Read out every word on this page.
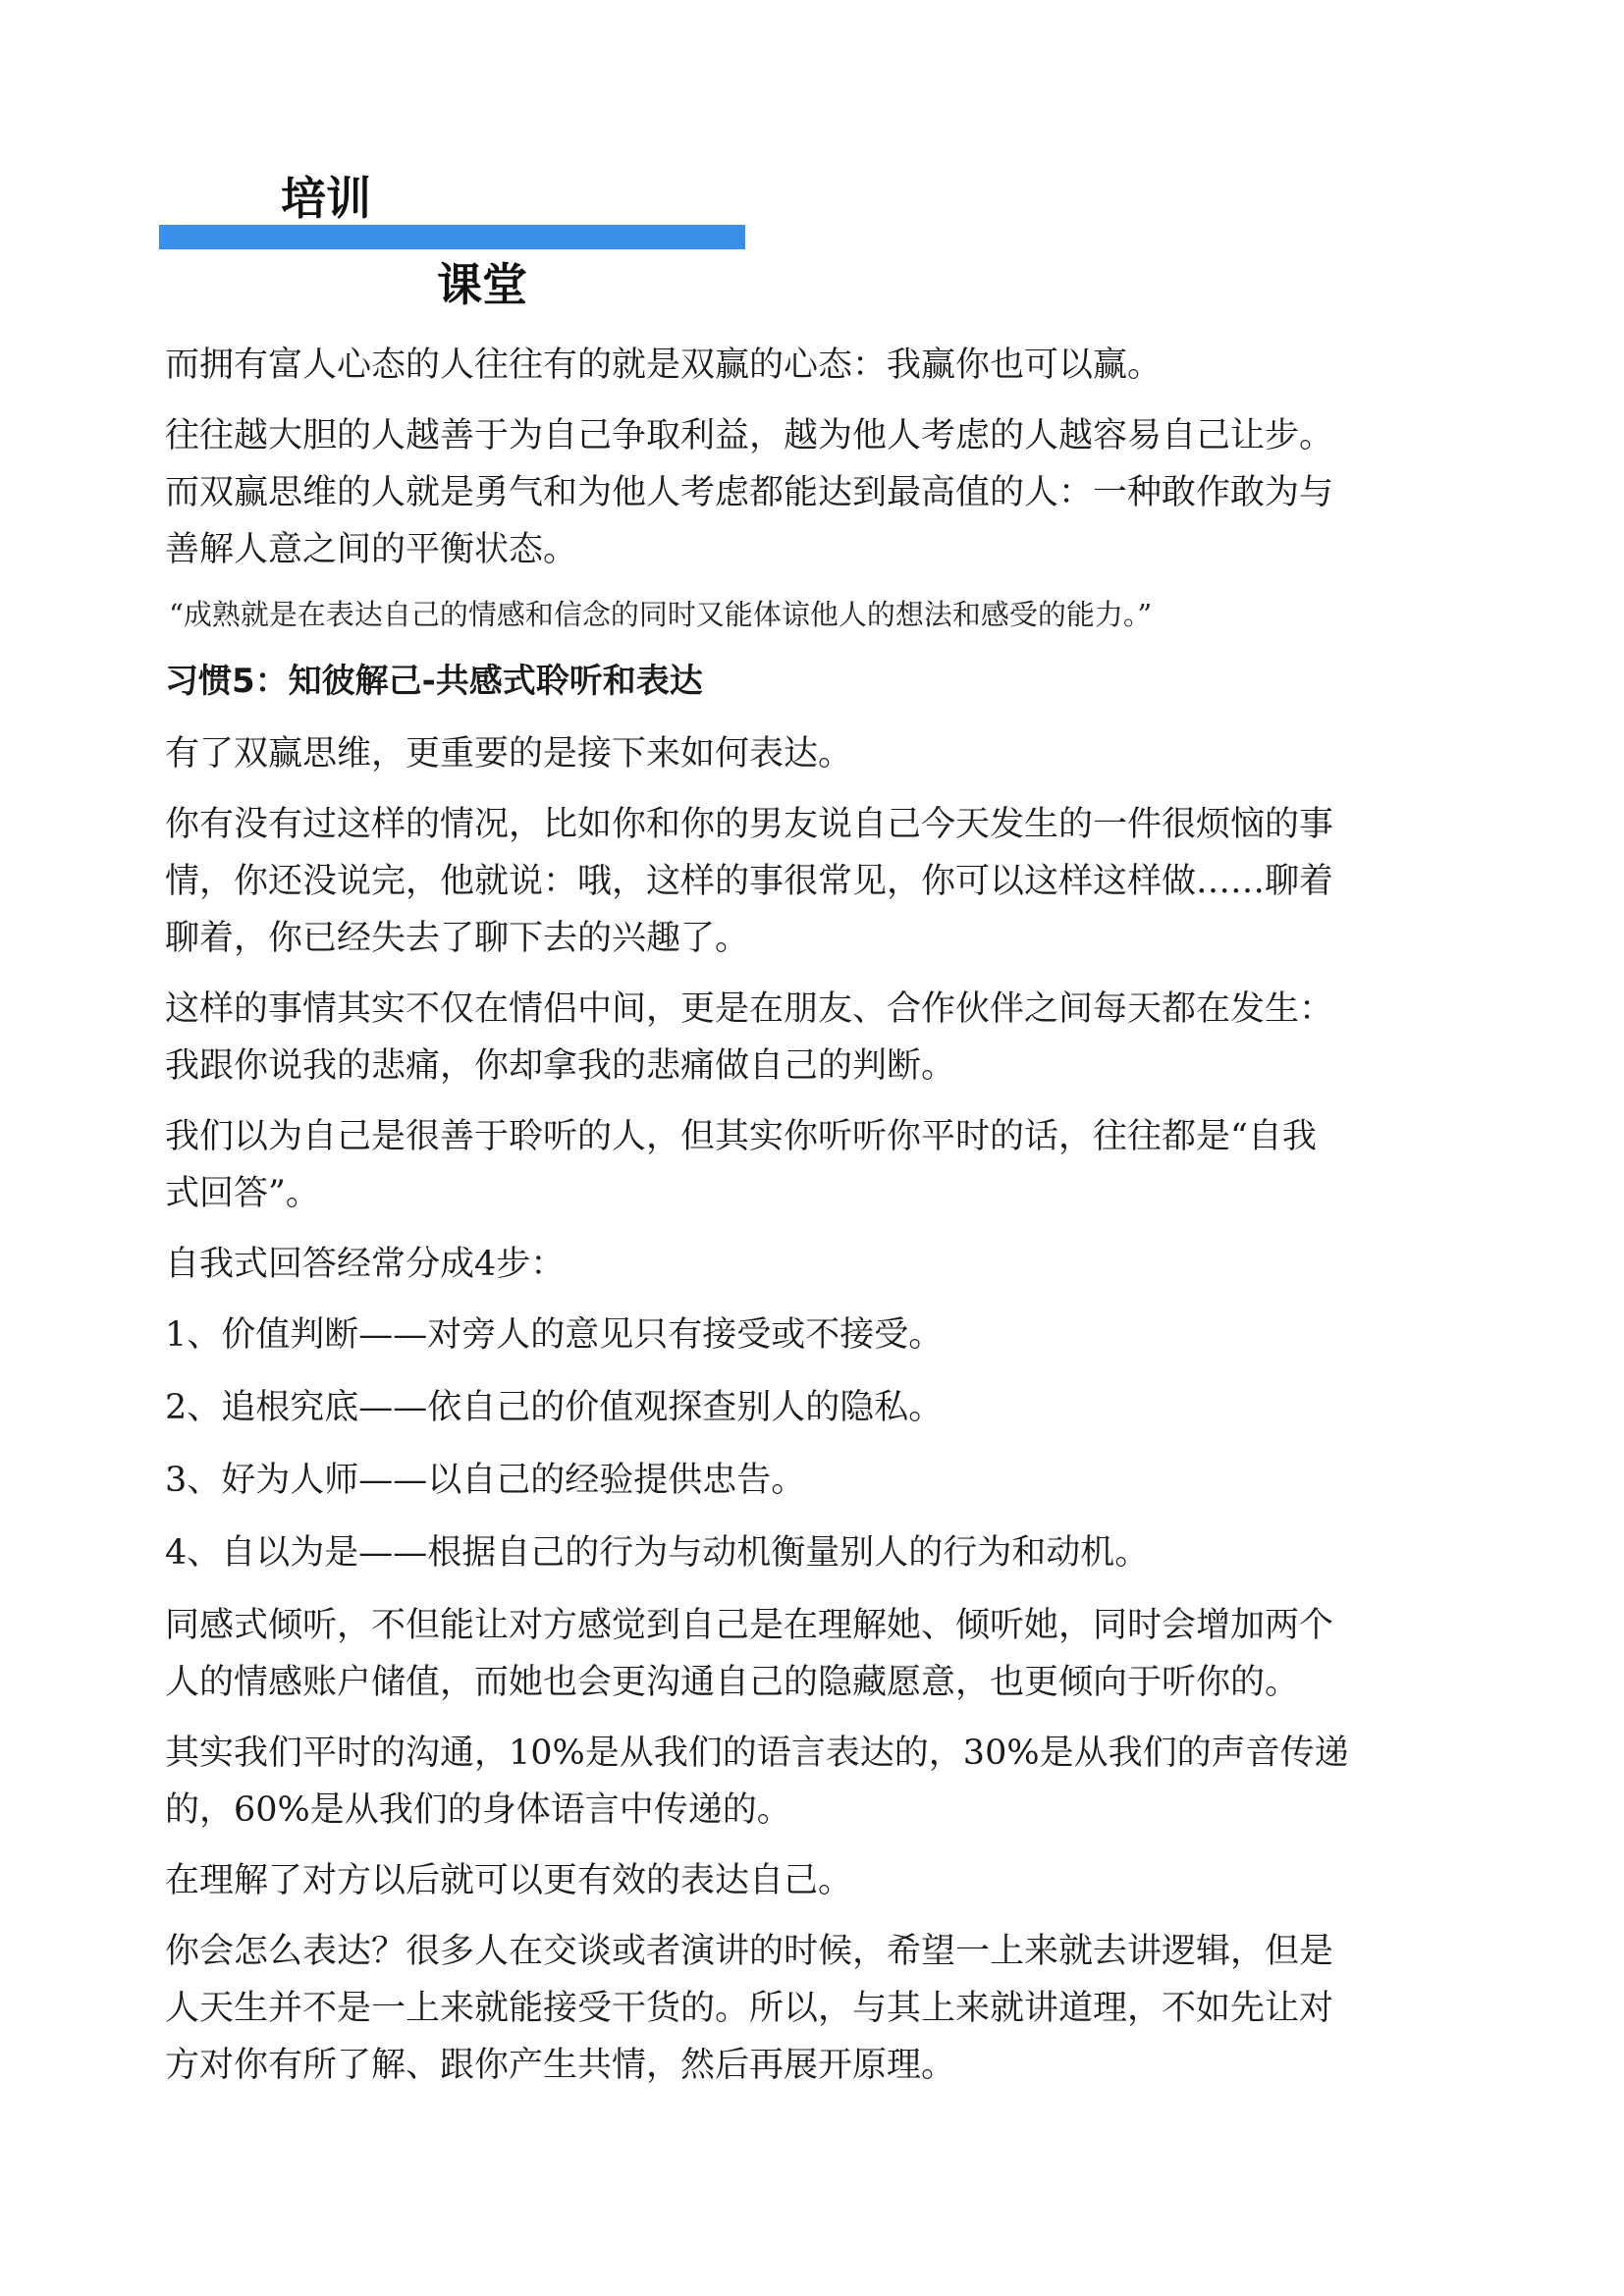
培训
课堂
而拥有富人心态的人往往有的就是双赢的心态：我赢你也可以赢。
往往越大胆的人越善于为自己争取利益，越为他人考虑的人越容易自己让步。
而双赢思维的人就是勇气和为他人考虑都能达到最高值的人：一种敢作敢为与
善解人意之间的平衡状态。
“成熟就是在表达自己的情感和信念的同时又能体谅他人的想法和感受的能力。”
习惯5：知彼解己-共感式聆听和表达
有了双赢思维，更重要的是接下来如何表达。
你有没有过这样的情况，比如你和你的男友说自己今天发生的一件很烦恼的事
情，你还没说完，他就说：哦，这样的事很常见，你可以这样这样做……聊着
聊着，你已经失去了聊下去的兴趣了。
这样的事情其实不仅在情侣中间，更是在朋友、合作伙伴之间每天都在发生：
我跟你说我的悲痛，你却拿我的悲痛做自己的判断。
我们以为自己是很善于聆听的人，但其实你听听你平时的话，往往都是“自我
式回答”。
自我式回答经常分成4步：
1、价值判断——对旁人的意见只有接受或不接受。
2、追根究底——依自己的价值观探查别人的隐私。
3、好为人师——以自己的经验提供忠告。
4、自以为是——根据自己的行为与动机衡量别人的行为和动机。
同感式倾听，不但能让对方感觉到自己是在理解她、倾听她，同时会增加两个
人的情感账户储值，而她也会更沟通自己的隐藏愿意，也更倾向于听你的。
其实我们平时的沟通，10%是从我们的语言表达的，30%是从我们的声音传递
的，60%是从我们的身体语言中传递的。
在理解了对方以后就可以更有效的表达自己。
你会怎么表达？很多人在交谈或者演讲的时候，希望一上来就去讲逻辑，但是
人天生并不是一上来就能接受干货的。所以，与其上来就讲道理，不如先让对
方对你有所了解、跟你产生共情，然后再展开原理。
